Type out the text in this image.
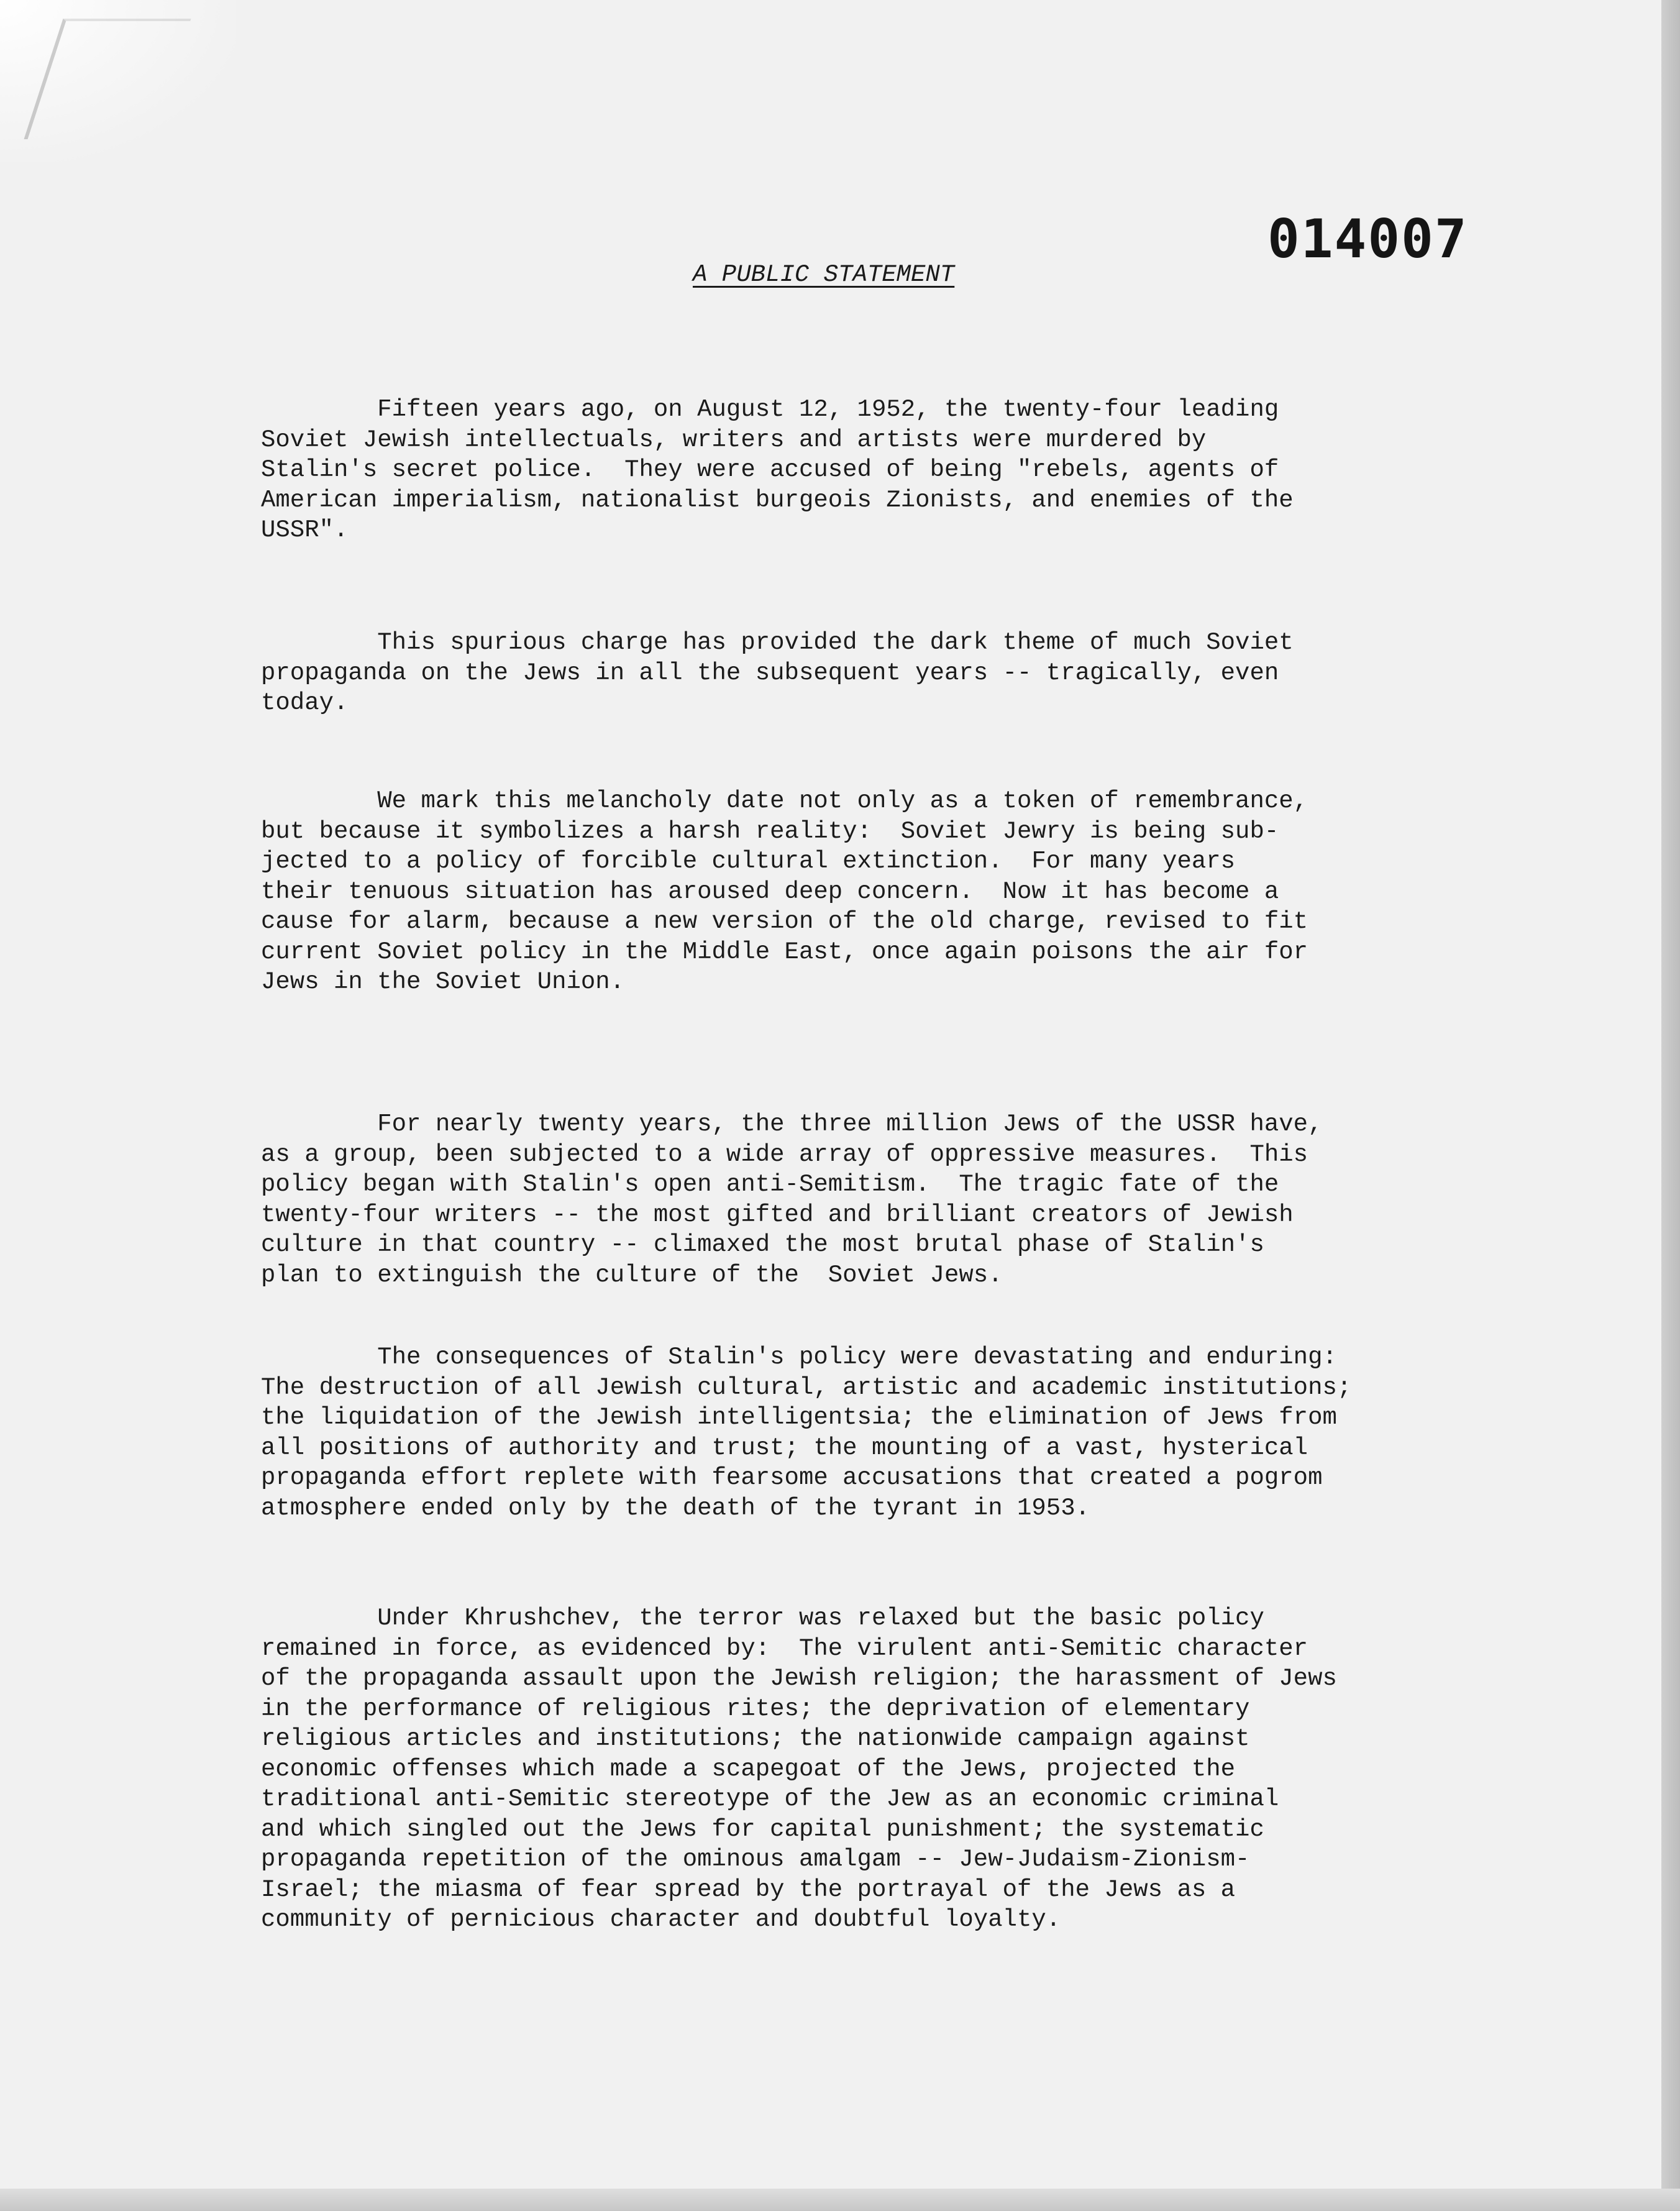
014007
A PUBLIC STATEMENT

Fifteen years ago, on August 12, 1952, the twenty-four leading
Soviet Jewish intellectuals, writers and artists were murdered by
Stalin's secret police.  They were accused of being "rebels, agents of
American imperialism, nationalist burgeois Zionists, and enemies of the
USSR".

This spurious charge has provided the dark theme of much Soviet
propaganda on the Jews in all the subsequent years -- tragically, even
today.

We mark this melancholy date not only as a token of remembrance,
but because it symbolizes a harsh reality:  Soviet Jewry is being sub-
jected to a policy of forcible cultural extinction.  For many years
their tenuous situation has aroused deep concern.  Now it has become a
cause for alarm, because a new version of the old charge, revised to fit
current Soviet policy in the Middle East, once again poisons the air for
Jews in the Soviet Union.

For nearly twenty years, the three million Jews of the USSR have,
as a group, been subjected to a wide array of oppressive measures.  This
policy began with Stalin's open anti-Semitism.  The tragic fate of the
twenty-four writers -- the most gifted and brilliant creators of Jewish
culture in that country -- climaxed the most brutal phase of Stalin's
plan to extinguish the culture of the  Soviet Jews.

The consequences of Stalin's policy were devastating and enduring:
The destruction of all Jewish cultural, artistic and academic institutions;
the liquidation of the Jewish intelligentsia; the elimination of Jews from
all positions of authority and trust; the mounting of a vast, hysterical
propaganda effort replete with fearsome accusations that created a pogrom
atmosphere ended only by the death of the tyrant in 1953.

Under Khrushchev, the terror was relaxed but the basic policy
remained in force, as evidenced by:  The virulent anti-Semitic character
of the propaganda assault upon the Jewish religion; the harassment of Jews
in the performance of religious rites; the deprivation of elementary
religious articles and institutions; the nationwide campaign against
economic offenses which made a scapegoat of the Jews, projected the
traditional anti-Semitic stereotype of the Jew as an economic criminal
and which singled out the Jews for capital punishment; the systematic
propaganda repetition of the ominous amalgam -- Jew-Judaism-Zionism-
Israel; the miasma of fear spread by the portrayal of the Jews as a
community of pernicious character and doubtful loyalty.
